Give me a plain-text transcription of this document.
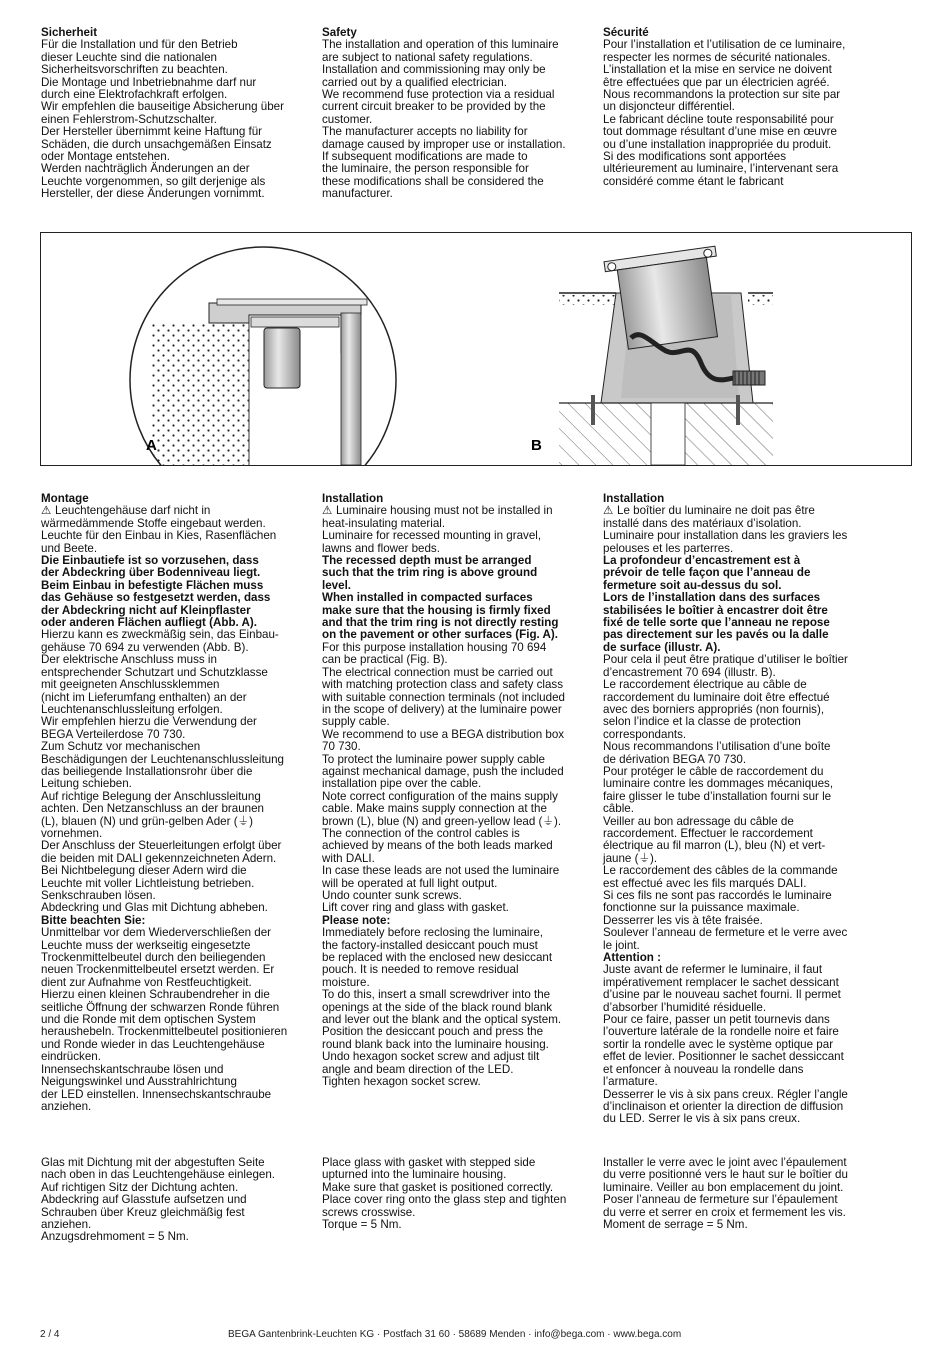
Sicherheit

Für die Installation und für den Betrieb

dieser Leuchte sind die nationalen

Sicherheitsvorschriften zu beachten.

Die Montage und Inbetriebnahme darf nur

durch eine Elektrofachkraft erfolgen.

Wir empfehlen die bauseitige Absicherung über

einen Fehlerstrom-Schutzschalter.

Der Hersteller übernimmt keine Haftung für

Schäden, die durch unsachgemäßen Einsatz

oder Montage entstehen.

Werden nachträglich Änderungen an der

Leuchte vorgenommen, so gilt derjenige als

Hersteller, der diese Änderungen vornimmt.

Safety

The installation and operation of this luminaire

are subject to national safety regulations.

Installation and commissioning may only be

carried out by a qualified electrician.

We recommend fuse protection via a residual

current circuit breaker to be provided by the

customer.

The manufacturer accepts no liability for

damage caused by improper use or installation.

If subsequent modifications are made to

the luminaire, the person responsible for

these modifications shall be considered the

manufacturer.

Sécurité

Pour l’installation et l’utilisation de ce luminaire,

respecter les normes de sécurité nationales.

L’installation et la mise en service ne doivent

être effectuées que par un électricien agréé.

Nous recommandons la protection sur site par

un disjoncteur différentiel.

Le fabricant décline toute responsabilité pour

tout dommage résultant d’une mise en œuvre

ou d’une installation inappropriée du produit.

Si des modifications sont apportées

ultérieurement au luminaire, l’intervenant sera

considéré comme étant le fabricant

A	B

Montage

⚠ Leuchtengehäuse darf nicht in

wärmedämmende Stoffe eingebaut werden.

Leuchte für den Einbau in Kies, Rasenflächen

und Beete.

Die Einbautiefe ist so vorzusehen, dass

der Abdeckring über Bodenniveau liegt.

Beim Einbau in befestigte Flächen muss

das Gehäuse so festgesetzt werden, dass

der Abdeckring nicht auf Kleinpflaster

oder anderen Flächen aufliegt (Abb. A).

Hierzu kann es zweckmäßig sein, das Einbau-

gehäuse 70 694 zu verwenden (Abb. B).

Der elektrische Anschluss muss in

entsprechender Schutzart und Schutzklasse

mit geeigneten Anschlussklemmen

(nicht im Lieferumfang enthalten) an der

Leuchtenanschlussleitung erfolgen.

Wir empfehlen hierzu die Verwendung der

BEGA Verteilerdose 70 730.

Zum Schutz vor mechanischen

Beschädigungen der Leuchtenanschlussleitung

das beiliegende Installationsrohr über die

Leitung schieben.

Auf richtige Belegung der Anschlussleitung

achten. Den Netzanschluss an der braunen

(L), blauen (N) und grün-gelben Ader (⏚)

vornehmen.

Der Anschluss der Steuerleitungen erfolgt über

die beiden mit DALI gekennzeichneten Adern.

Bei Nichtbelegung dieser Adern wird die

Leuchte mit voller Lichtleistung betrieben.

Senkschrauben lösen.

Abdeckring und Glas mit Dichtung abheben.

Bitte beachten Sie:

Unmittelbar vor dem Wiederverschließen der

Leuchte muss der werkseitig eingesetzte

Trockenmittelbeutel durch den beiliegenden

neuen Trockenmittelbeutel ersetzt werden. Er

dient zur Aufnahme von Restfeuchtigkeit.

Hierzu einen kleinen Schraubendreher in die

seitliche Öffnung der schwarzen Ronde führen

und die Ronde mit dem optischen System

heraushebeln. Trockenmittelbeutel positionieren

und Ronde wieder in das Leuchtengehäuse

eindrücken.

Innensechskantschraube lösen und

Neigungswinkel und Ausstrahlrichtung

der LED einstellen. Innensechskantschraube

anziehen.

Installation

⚠ Luminaire housing must not be installed in

heat-insulating material.

Luminaire for recessed mounting in gravel,

lawns and flower beds.

The recessed depth must be arranged

such that the trim ring is above ground

level.

When installed in compacted surfaces

make sure that the housing is firmly fixed

and that the trim ring is not directly resting

on the pavement or other surfaces (Fig. A).

For this purpose installation housing 70 694

can be practical (Fig. B).

The electrical connection must be carried out

with matching protection class and safety class

with suitable connection terminals (not included

in the scope of delivery) at the luminaire power

supply cable.

We recommend to use a BEGA distribution box

70 730.

To protect the luminaire power supply cable

against mechanical damage, push the included

installation pipe over the cable.

Note correct configuration of the mains supply

cable. Make mains supply connection at the

brown (L), blue (N) and green-yellow lead (⏚).

The connection of the control cables is

achieved by means of the both leads marked

with DALI.

In case these leads are not used the luminaire

will be operated at full light output.

Undo counter sunk screws.

Lift cover ring and glass with gasket.

Please note:

Immediately before reclosing the luminaire,

the factory-installed desiccant pouch must

be replaced with the enclosed new desiccant

pouch. It is needed to remove residual

moisture.

To do this, insert a small screwdriver into the

openings at the side of the black round blank

and lever out the blank and the optical system.

Position the desiccant pouch and press the

round blank back into the luminaire housing.

Undo hexagon socket screw and adjust tilt

angle and beam direction of the LED.

Tighten hexagon socket screw.

Installation

⚠ Le boîtier du luminaire ne doit pas être

installé dans des matériaux d’isolation.

Luminaire pour installation dans les graviers les

pelouses et les parterres.

La profondeur d’encastrement est à

prévoir de telle façon que l’anneau de

fermeture soit au-dessus du sol.

Lors de l’installation dans des surfaces

stabilisées le boîtier à encastrer doit être

fixé de telle sorte que l’anneau ne repose

pas directement sur les pavés ou la dalle

de surface (illustr. A).

Pour cela il peut être pratique d’utiliser le boîtier

d’encastrement 70 694 (illustr. B).

Le raccordement électrique au câble de

raccordement du luminaire doit être effectué

avec des borniers appropriés (non fournis),

selon l’indice et la classe de protection

correspondants.

Nous recommandons l’utilisation d’une boîte

de dérivation BEGA 70 730.

Pour protéger le câble de raccordement du

luminaire contre les dommages mécaniques,

faire glisser le tube d’installation fourni sur le

câble.

Veiller au bon adressage du câble de

raccordement. Effectuer le raccordement

électrique au fil marron (L), bleu (N) et vert-

jaune (⏚).

Le raccordement des câbles de la commande

est effectué avec les fils marqués DALI.

Si ces fils ne sont pas raccordés le luminaire

fonctionne sur la puissance maximale.

Desserrer les vis à tête fraisée.

Soulever l’anneau de fermeture et le verre avec

le joint.

Attention :

Juste avant de refermer le luminaire, il faut

impérativement remplacer le sachet dessicant

d’usine par le nouveau sachet fourni. Il permet

d’absorber l’humidité résiduelle.

Pour ce faire, passer un petit tournevis dans

l’ouverture latérale de la rondelle noire et faire

sortir la rondelle avec le système optique par

effet de levier. Positionner le sachet dessiccant

et enfoncer à nouveau la rondelle dans

l’armature.

Desserrer le vis à six pans creux. Régler l’angle

d’inclinaison et orienter la direction de diffusion

du LED. Serrer le vis à six pans creux.

Glas mit Dichtung mit der abgestuften Seite

nach oben in das Leuchtengehäuse einlegen.

Auf richtigen Sitz der Dichtung achten.

Abdeckring auf Glasstufe aufsetzen und

Schrauben über Kreuz gleichmäßig fest

anziehen.

Anzugsdrehmoment = 5 Nm.

Place glass with gasket with stepped side

upturned into the luminaire housing.

Make sure that gasket is positioned correctly.

Place cover ring onto the glass step and tighten

screws crosswise.

Torque = 5 Nm.

Installer le verre avec le joint avec l’épaulement

du verre positionné vers le haut sur le boîtier du

luminaire. Veiller au bon emplacement du joint.

Poser l’anneau de fermeture sur l’épaulement

du verre et serrer en croix et fermement les vis.

Moment de serrage = 5 Nm.

2 / 4	BEGA Gantenbrink-Leuchten KG · Postfach 31 60 · 58689 Menden · info@bega.com · www.bega.com
